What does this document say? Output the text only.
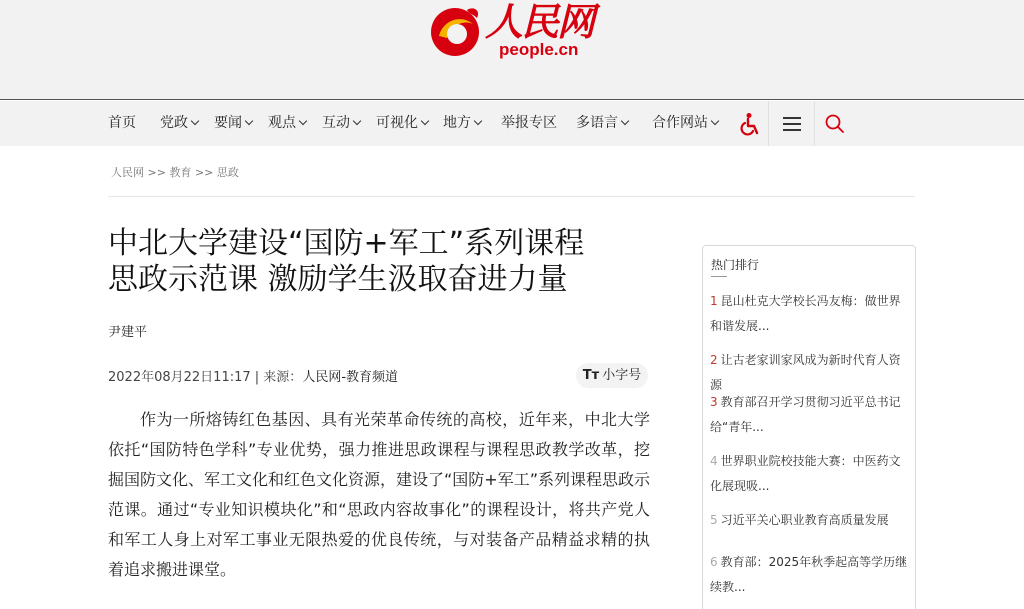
人民网
people.cn
首页 党政	要闻	观点	互动	可视化	地方	举报专区 多语言	合作网站
人民网 >> 教育 >> 思政
中北大学建设“国防+军工”系列课程
思政示范课 激励学生汲取奋进力量
尹建平
2022年08月22日11:17 | 来源：人民网-教育频道	Tт 小字号

作为一所熔铸红色基因、具有光荣革命传统的高校，近年来，中北大学依托“国防特色学科”专业优势，强力推进思政课程与课程思政教学改革，挖掘国防文化、军工文化和红色文化资源，建设了“国防+军工”系列课程思政示范课。通过“专业知识模块化”和“思政内容故事化”的课程设计，将共产党人和军工人身上对军工事业无限热爱的优良传统，与对装备产品精益求精的执着追求搬进课堂。

热门排行
1 昆山杜克大学校长冯友梅：做世界和谐发展...
2 让古老家训家风成为新时代育人资源
3 教育部召开学习贯彻习近平总书记给“青年...
4 世界职业院校技能大赛：中医药文化展现吸...
5 习近平关心职业教育高质量发展
6 教育部：2025年秋季起高等学历继续教...
